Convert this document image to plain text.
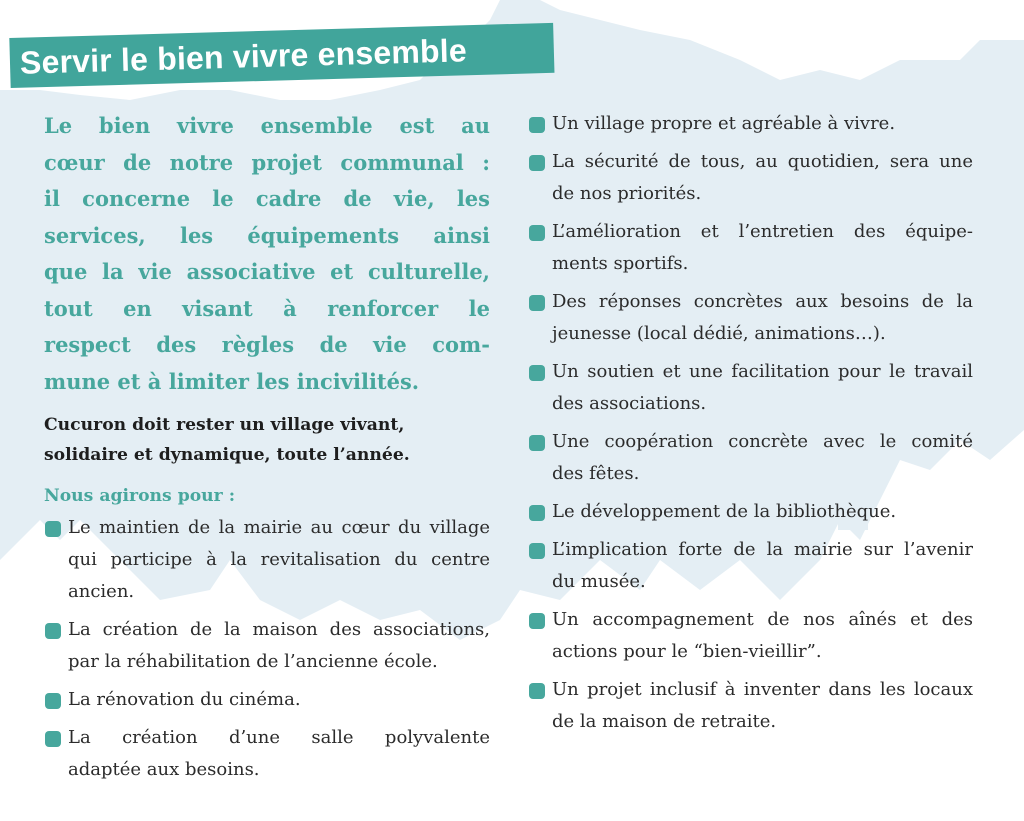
Servir le bien vivre ensemble

Le bien vivre ensemble est au
cœur de notre projet communal :
il concerne le cadre de vie, les
services, les équipements ainsi
que la vie associative et culturelle,
tout en visant à renforcer le
respect des règles de vie com-
mune et à limiter les incivilités.

Cucuron doit rester un village vivant,
solidaire et dynamique, toute l’année.

Nous agirons pour :

Le maintien de la mairie au cœur du village
qui participe à la revitalisation du centre
ancien.
La création de la maison des associations,
par la réhabilitation de l’ancienne école.
La rénovation du cinéma.
La création d’une salle polyvalente
adaptée aux besoins.
Un village propre et agréable à vivre.
La sécurité de tous, au quotidien, sera une
de nos priorités.
L’amélioration et l’entretien des équipe-
ments sportifs.
Des réponses concrètes aux besoins de la
jeunesse (local dédié, animations…).
Un soutien et une facilitation pour le travail
des associations.
Une coopération concrète avec le comité
des fêtes.
Le développement de la bibliothèque.
L’implication forte de la mairie sur l’avenir
du musée.
Un accompagnement de nos aînés et des
actions pour le “bien-vieillir”.
Un projet inclusif à inventer dans les locaux
de la maison de retraite.
